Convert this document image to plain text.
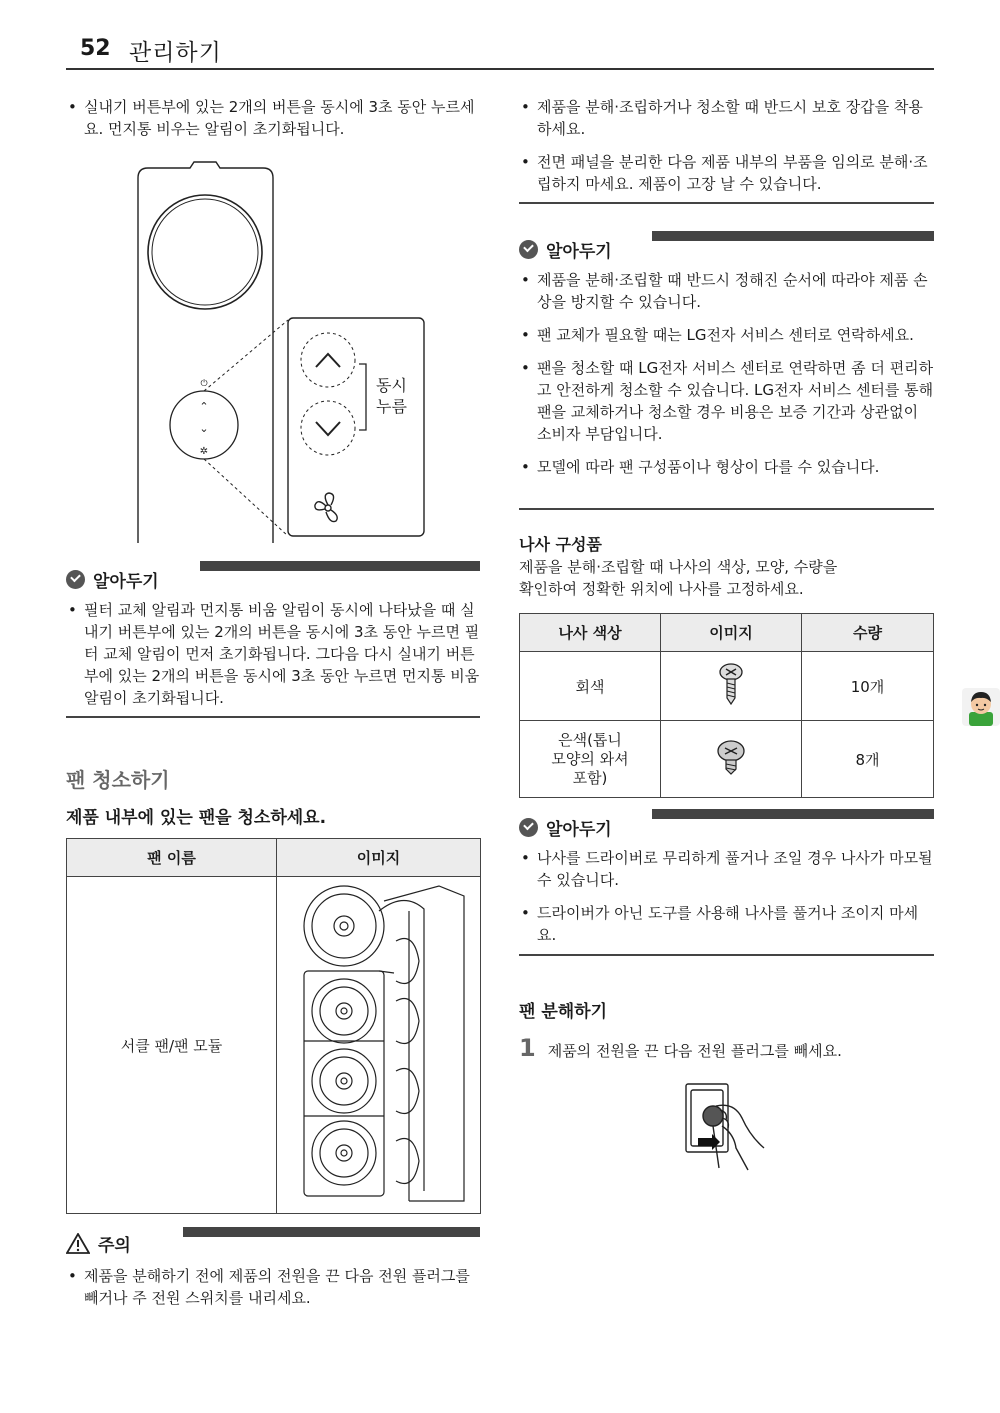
52 관리하기
• 실내기 버튼부에 있는 2개의 버튼을 동시에 3초 동안 누르세요. 먼지통 비우는 알림이 초기화됩니다.
⏻
⌃
⌄
✲
동시
누름
알아두기
• 필터 교체 알림과 먼지통 비움 알림이 동시에 나타났을 때 실내기 버튼부에 있는 2개의 버튼을 동시에 3초 동안 누르면 필터 교체 알림이 먼저 초기화됩니다. 그다음 다시 실내기 버튼부에 있는 2개의 버튼을 동시에 3초 동안 누르면 먼지통 비움 알림이 초기화됩니다.
팬 청소하기
제품 내부에 있는 팬을 청소하세요.
팬 이름	이미지
서클 팬/팬 모듈	
주의
• 제품을 분해하기 전에 제품의 전원을 끈 다음 전원 플러그를 빼거나 주 전원 스위치를 내리세요.
• 제품을 분해·조립하거나 청소할 때 반드시 보호 장갑을 착용하세요.
• 전면 패널을 분리한 다음 제품 내부의 부품을 임의로 분해·조립하지 마세요. 제품이 고장 날 수 있습니다.
알아두기
• 제품을 분해·조립할 때 반드시 정해진 순서에 따라야 제품 손상을 방지할 수 있습니다.
• 팬 교체가 필요할 때는 LG전자 서비스 센터로 연락하세요.
• 팬을 청소할 때 LG전자 서비스 센터로 연락하면 좀 더 편리하고 안전하게 청소할 수 있습니다. LG전자 서비스 센터를 통해 팬을 교체하거나 청소할 경우 비용은 보증 기간과 상관없이 소비자 부담입니다.
• 모델에 따라 팬 구성품이나 형상이 다를 수 있습니다.
나사 구성품
제품을 분해·조립할 때 나사의 색상, 모양, 수량을
확인하여 정확한 위치에 나사를 고정하세요.
나사 색상	이미지	수량
회색		10개

은색(톱니
모양의 와셔
포함)		8개
알아두기
• 나사를 드라이버로 무리하게 풀거나 조일 경우 나사가 마모될 수 있습니다.
• 드라이버가 아닌 도구를 사용해 나사를 풀거나 조이지 마세요.
팬 분해하기
1 제품의 전원을 끈 다음 전원 플러그를 빼세요.
